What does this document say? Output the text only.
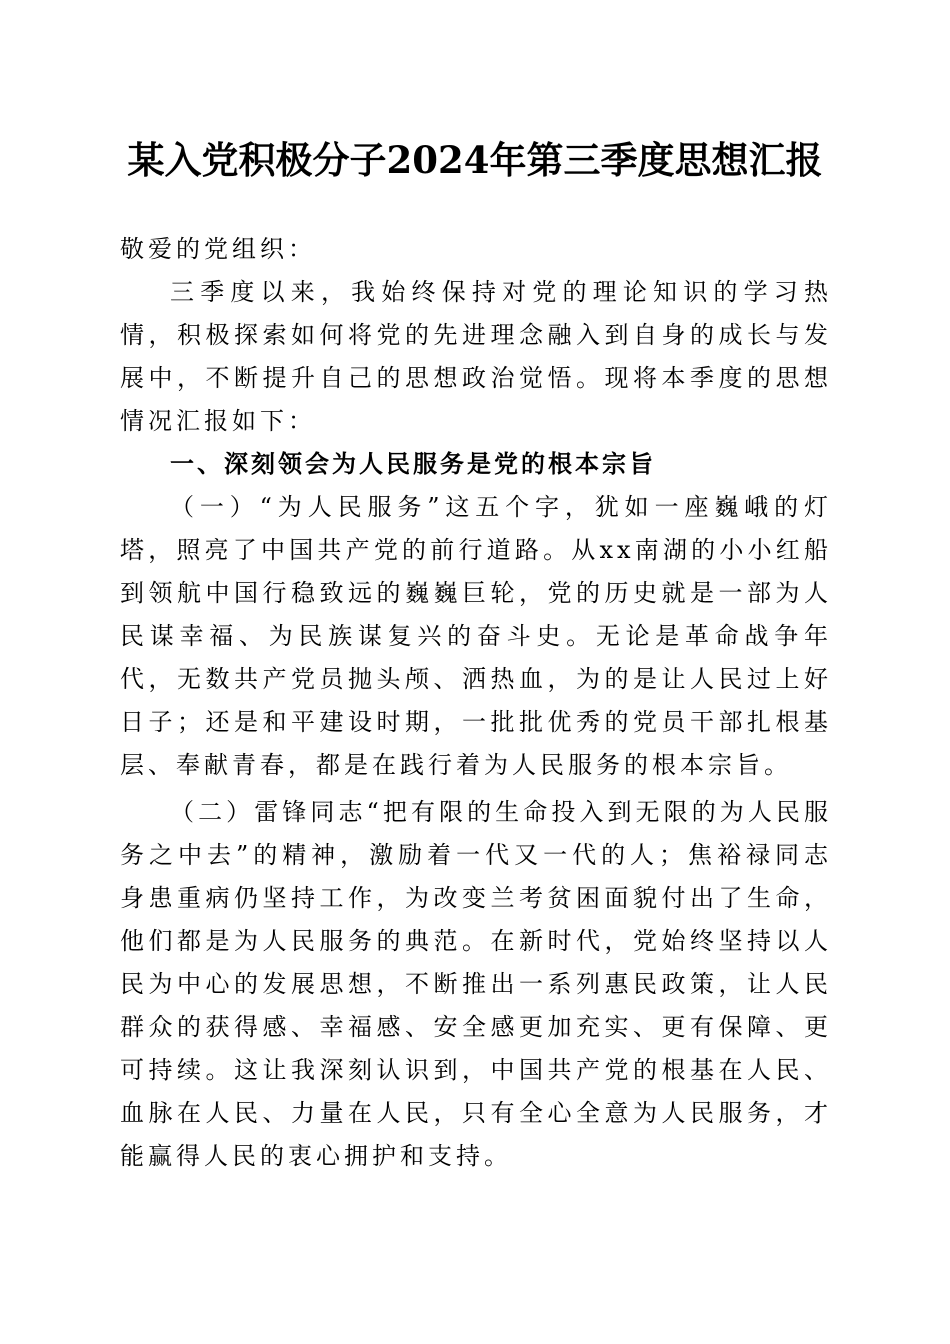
某入党积极分子2024年第三季度思想汇报

敬爱的党组织：

三季度以来，我始终保持对党的理论知识的学习热情，积极探索如何将党的先进理念融入到自身的成长与发展中，不断提升自己的思想政治觉悟。现将本季度的思想情况汇报如下：

一、深刻领会为人民服务是党的根本宗旨

（一）“为人民服务”这五个字，犹如一座巍峨的灯塔，照亮了中国共产党的前行道路。从xx南湖的小小红船到领航中国行稳致远的巍巍巨轮，党的历史就是一部为人民谋幸福、为民族谋复兴的奋斗史。无论是革命战争年代，无数共产党员抛头颅、洒热血，为的是让人民过上好日子；还是和平建设时期，一批批优秀的党员干部扎根基层、奉献青春，都是在践行着为人民服务的根本宗旨。

（二）雷锋同志“把有限的生命投入到无限的为人民服务之中去”的精神，激励着一代又一代的人；焦裕禄同志身患重病仍坚持工作，为改变兰考贫困面貌付出了生命，他们都是为人民服务的典范。在新时代，党始终坚持以人民为中心的发展思想，不断推出一系列惠民政策，让人民群众的获得感、幸福感、安全感更加充实、更有保障、更可持续。这让我深刻认识到，中国共产党的根基在人民、血脉在人民、力量在人民，只有全心全意为人民服务，才能赢得人民的衷心拥护和支持。
